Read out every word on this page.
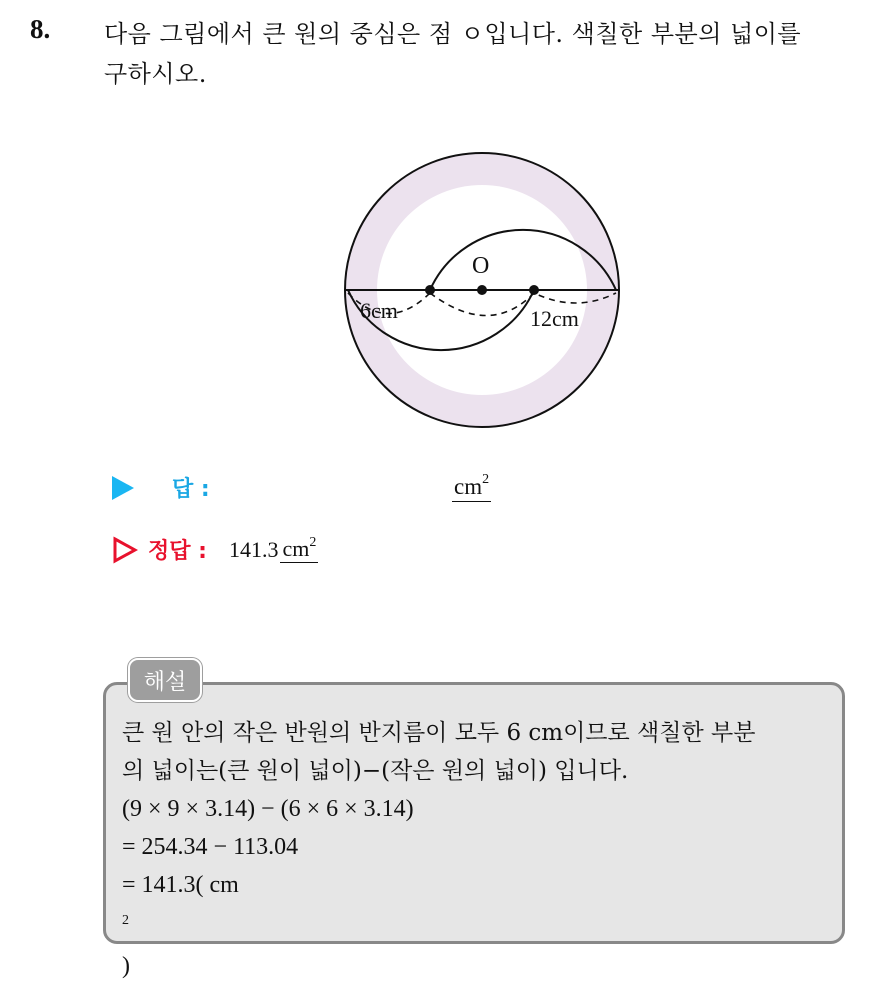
8. 다음 그림에서 큰 원의 중심은 점 ㅇ입니다. 색칠한 부분의 넓이를
구하시오.
O
6cm	12cm
답 :	$cm^2$
정답 : 141.3 $cm^2$
해설
큰 원 안의 작은 반원의 반지름이 모두 6 cm이므로 색칠한 부분
의 넓이는(큰 원이 넓이)−(작은 원의 넓이) 입니다.
(9 × 9 × 3.14) − (6 × 6 × 3.14)
= 254.34 − 113.04
= 141.3( cm
$^2$
)
